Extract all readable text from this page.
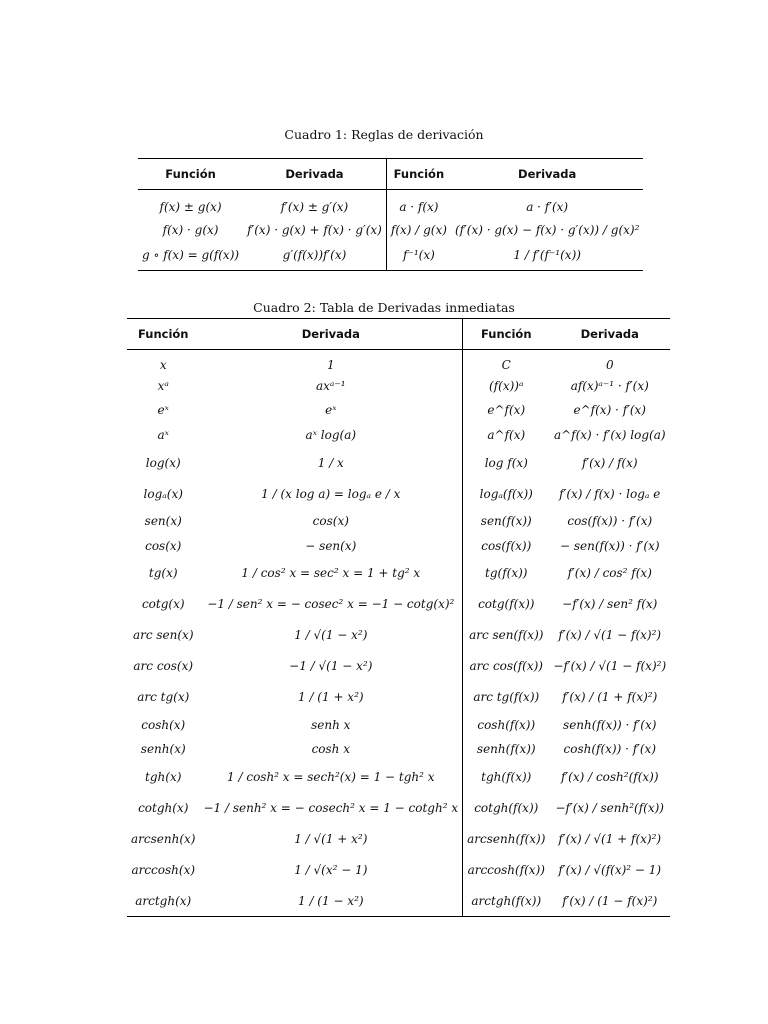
Cuadro 1: Reglas de derivación
Función	Derivada	Función	Derivada
f(x) ± g(x)	f′(x) ± g′(x)	a · f(x)	a · f′(x)
f(x) · g(x)	f′(x) · g(x) + f(x) · g′(x)	f(x) / g(x)	(f′(x) · g(x) − f(x) · g′(x)) / g(x)²
g ∘ f(x) = g(f(x))	g′(f(x))f′(x)	f⁻¹(x)	1 / f′(f⁻¹(x))
Cuadro 2: Tabla de Derivadas inmediatas
Función	Derivada	Función	Derivada
x	1	C	0
xᵃ	axᵃ⁻¹	(f(x))ᵃ	af(x)ᵃ⁻¹ · f′(x)
eˣ	eˣ	e^f(x)	e^f(x) · f′(x)
aˣ	aˣ log(a)	a^f(x)	a^f(x) · f′(x) log(a)
log(x)	1 / x	log f(x)	f′(x) / f(x)
logₐ(x)	1 / (x log a) = logₐ e / x	logₐ(f(x))	f′(x) / f(x) · logₐ e
sen(x)	cos(x)	sen(f(x))	cos(f(x)) · f′(x)
cos(x)	− sen(x)	cos(f(x))	− sen(f(x)) · f′(x)
tg(x)	1 / cos² x = sec² x = 1 + tg² x	tg(f(x))	f′(x) / cos² f(x)
cotg(x)	−1 / sen² x = − cosec² x = −1 − cotg(x)²	cotg(f(x))	−f′(x) / sen² f(x)
arc sen(x)	1 / √(1 − x²)	arc sen(f(x))	f′(x) / √(1 − f(x)²)
arc cos(x)	−1 / √(1 − x²)	arc cos(f(x))	−f′(x) / √(1 − f(x)²)
arc tg(x)	1 / (1 + x²)	arc tg(f(x))	f′(x) / (1 + f(x)²)
cosh(x)	senh x	cosh(f(x))	senh(f(x)) · f′(x)
senh(x)	cosh x	senh(f(x))	cosh(f(x)) · f′(x)
tgh(x)	1 / cosh² x = sech²(x) = 1 − tgh² x	tgh(f(x))	f′(x) / cosh²(f(x))
cotgh(x)	−1 / senh² x = − cosech² x = 1 − cotgh² x	cotgh(f(x))	−f′(x) / senh²(f(x))
arcsenh(x)	1 / √(1 + x²)	arcsenh(f(x))	f′(x) / √(1 + f(x)²)
arccosh(x)	1 / √(x² − 1)	arccosh(f(x))	f′(x) / √(f(x)² − 1)
arctgh(x)	1 / (1 − x²)	arctgh(f(x))	f′(x) / (1 − f(x)²)
